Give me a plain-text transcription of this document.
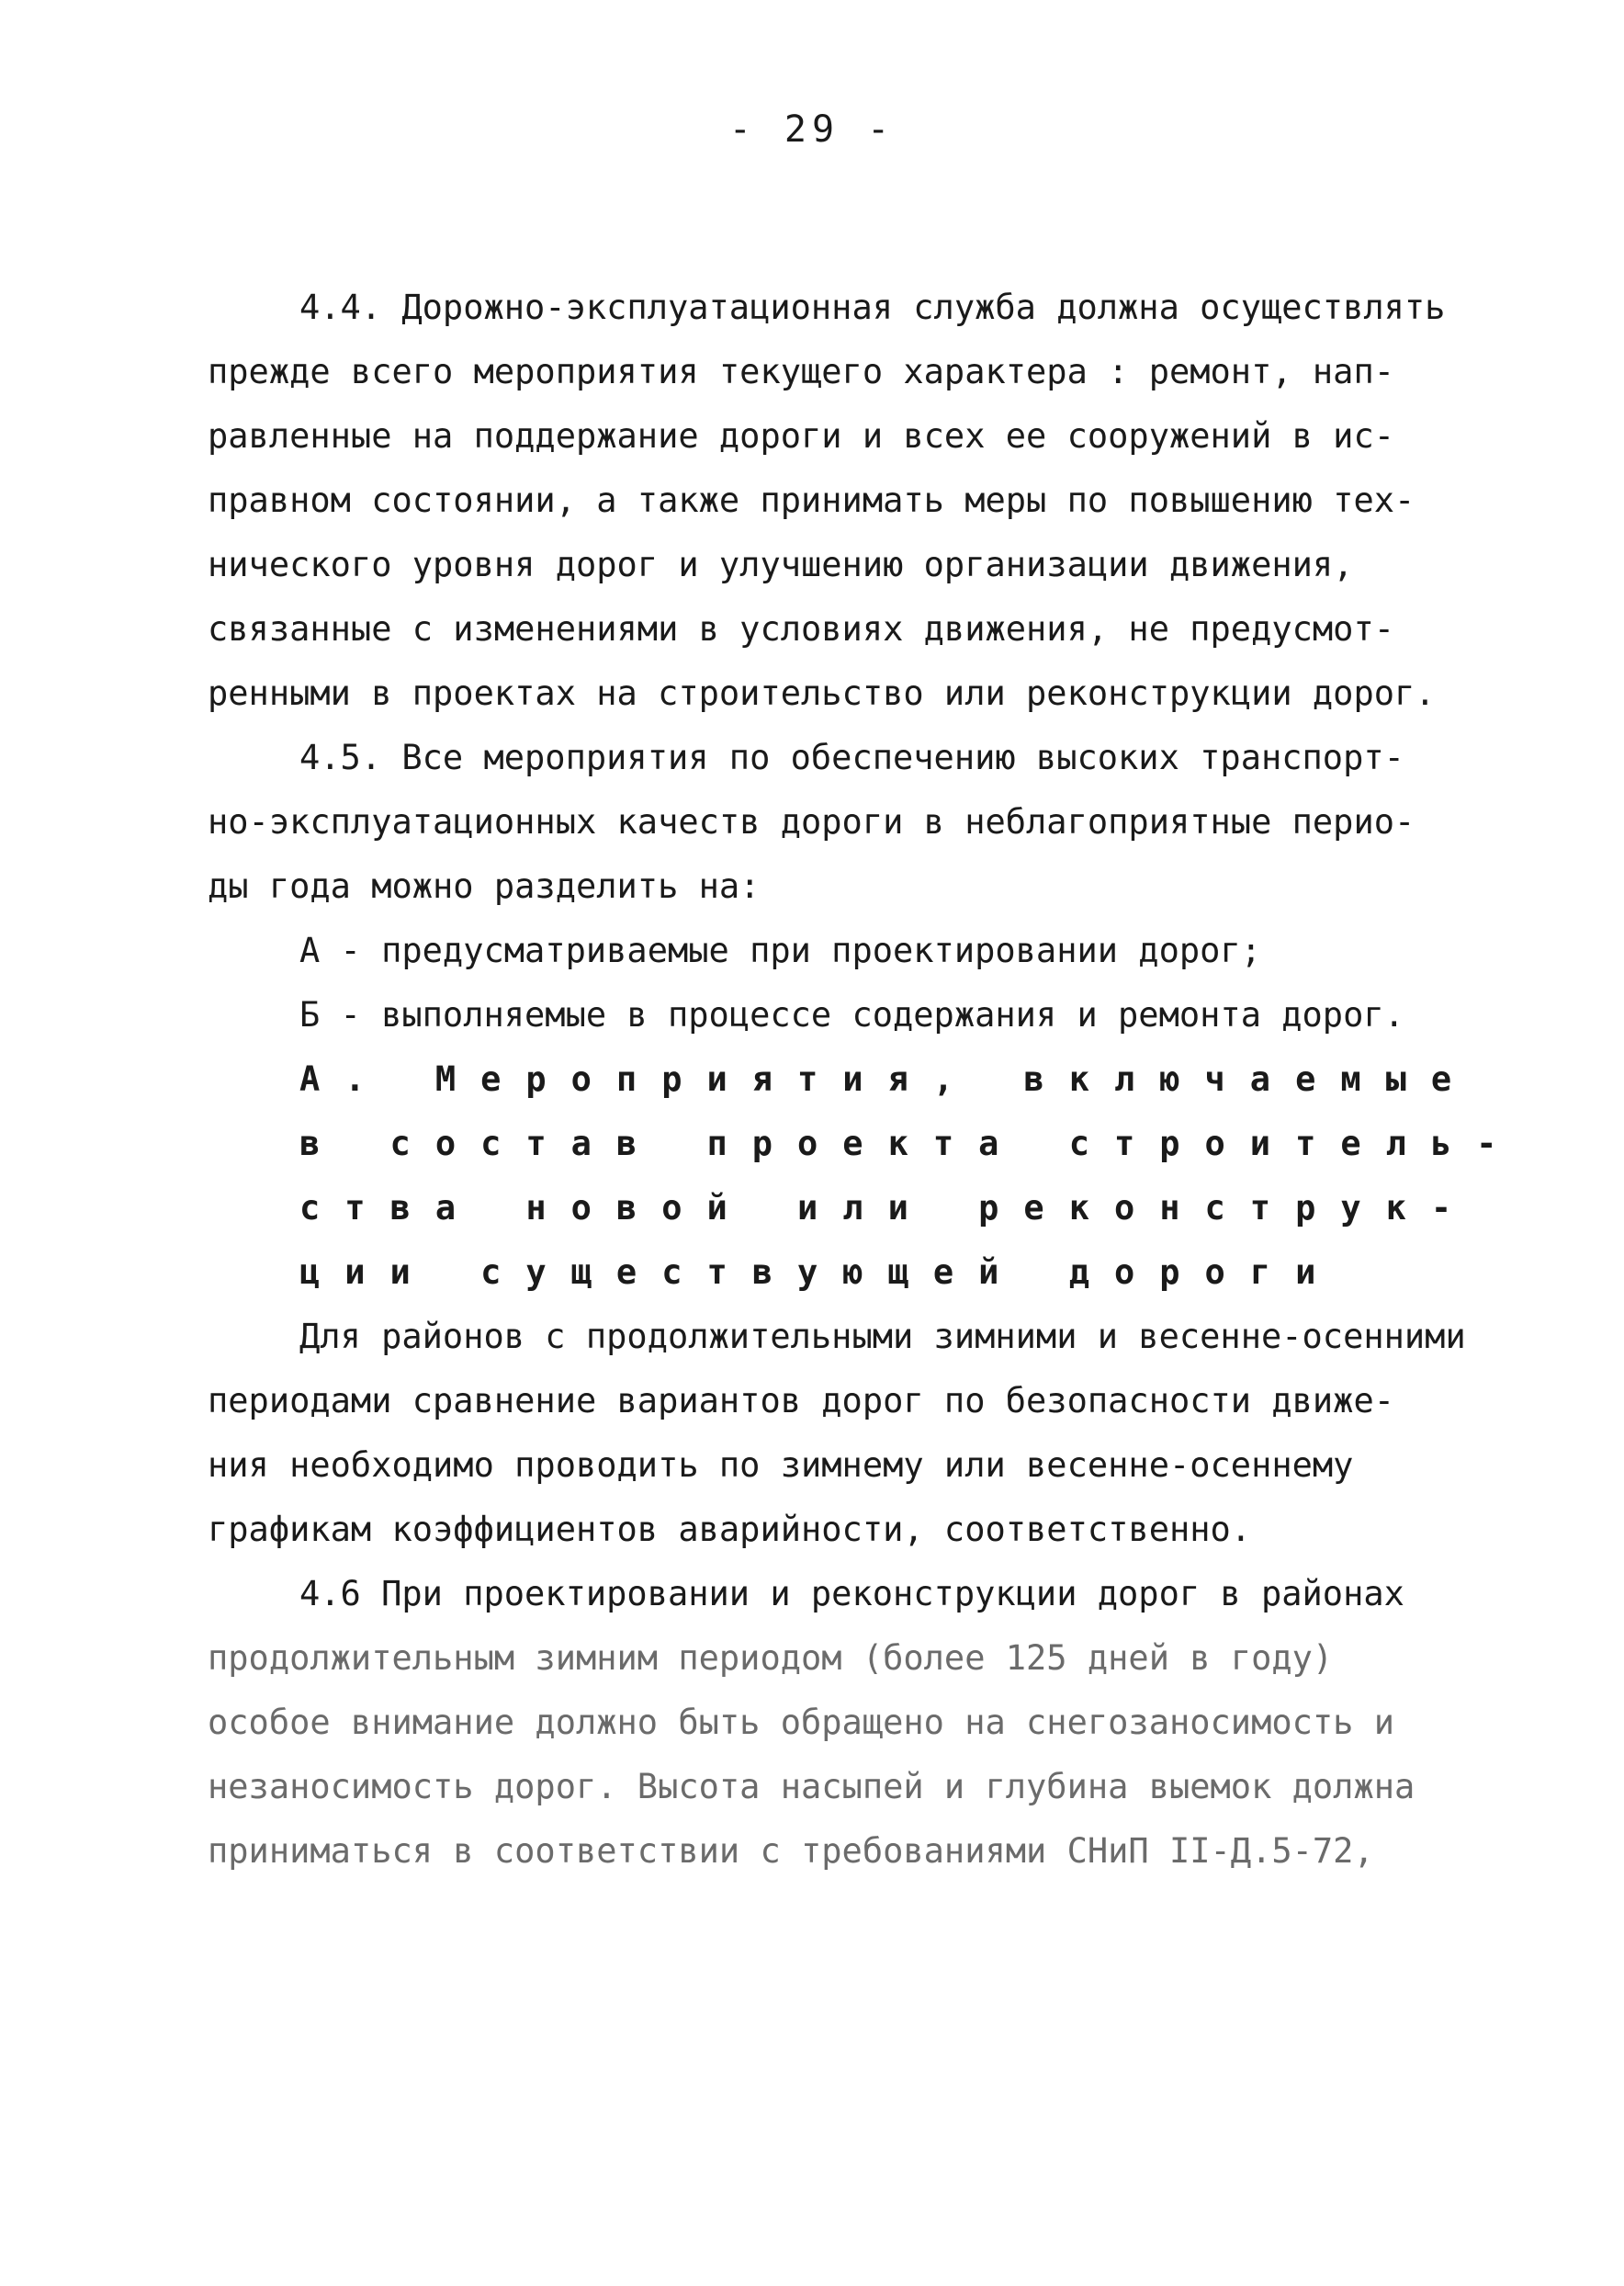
- 29 -
4.4. Дорожно-эксплуатационная служба должна осуществлять
прежде всего мероприятия текущего характера : ремонт, нап-
равленные на поддержание дороги и всех ее сооружений в ис-
правном состоянии, а также принимать меры по повышению тех-
нического уровня дорог и улучшению организации движения,
связанные с изменениями в условиях движения, не предусмот-
ренными в проектах на строительство или реконструкции дорог.
4.5. Все мероприятия по обеспечению высоких транспорт-
но-эксплуатационных качеств дороги в неблагоприятные перио-
ды года можно разделить на:
А - предусматриваемые при проектировании дорог;
Б - выполняемые в процессе содержания и ремонта дорог.
А. Мероприятия, включаемые
в состав проекта строитель-
ства новой или реконструк-
ции существующей дороги
Для районов с продолжительными зимними и весенне-осенними
периодами сравнение вариантов дорог по безопасности движе-
ния необходимо проводить по зимнему или весенне-осеннему
графикам коэффициентов аварийности, соответственно.
4.6 При проектировании и реконструкции дорог в районах
продолжительным зимним периодом (более 125 дней в году)
особое внимание должно быть обращено на снегозаносимость и
незаносимость дорог. Высота насыпей и глубина выемок должна
приниматься в соответствии с требованиями СНиП II-Д.5-72,
